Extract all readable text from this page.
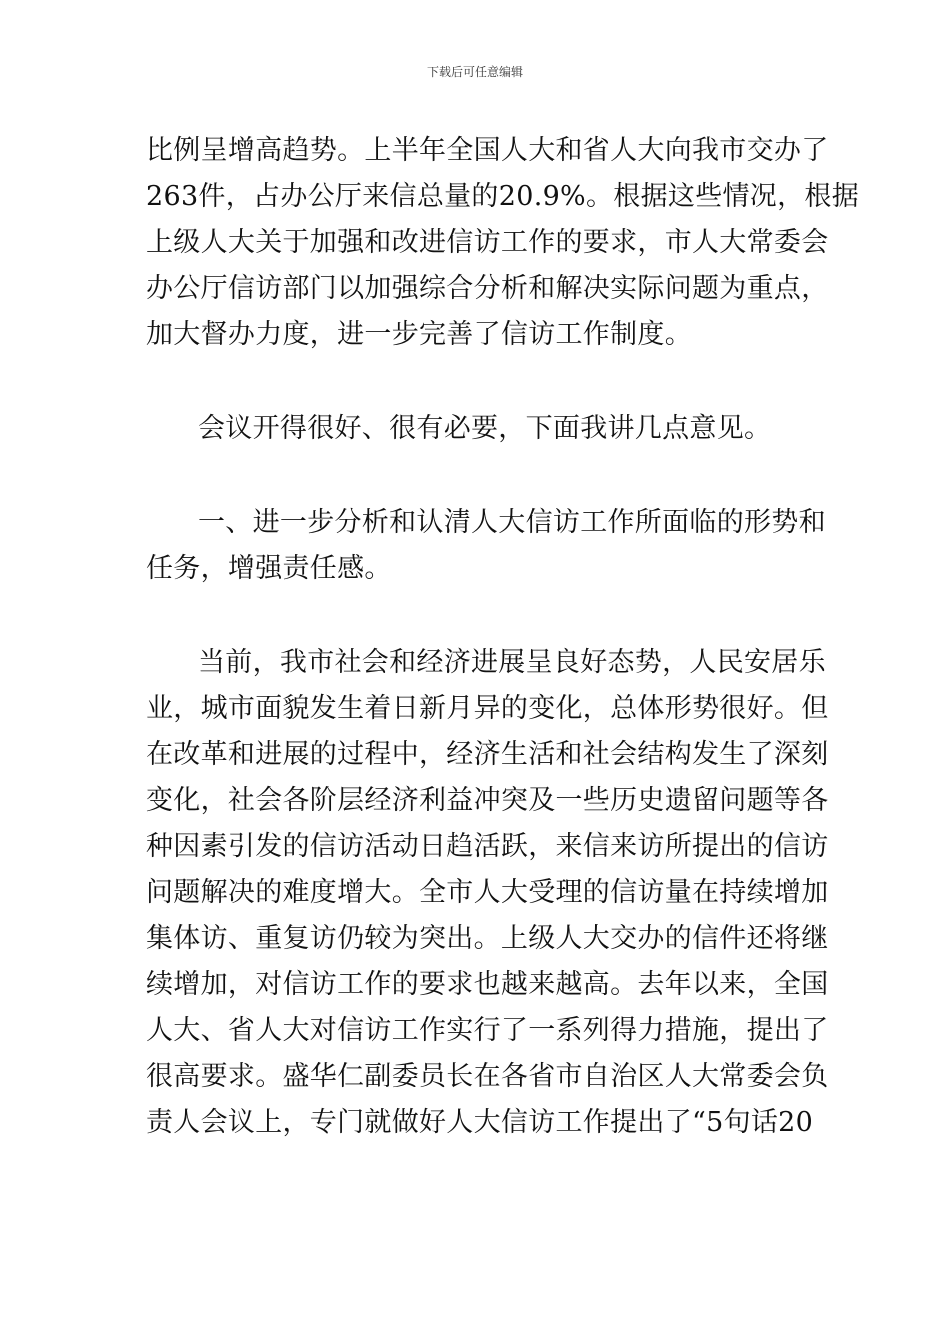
下载后可任意编辑
比例呈增高趋势。上半年全国人大和省人大向我市交办了
263件，占办公厅来信总量的20.9%。根据这些情况，根据
上级人大关于加强和改进信访工作的要求，市人大常委会
办公厅信访部门以加强综合分析和解决实际问题为重点，
加大督办力度，进一步完善了信访工作制度。
会议开得很好、很有必要，下面我讲几点意见。
一、进一步分析和认清人大信访工作所面临的形势和
任务，增强责任感。
当前，我市社会和经济进展呈良好态势，人民安居乐
业，城市面貌发生着日新月异的变化，总体形势很好。但
在改革和进展的过程中，经济生活和社会结构发生了深刻
变化，社会各阶层经济利益冲突及一些历史遗留问题等各
种因素引发的信访活动日趋活跃，来信来访所提出的信访
问题解决的难度增大。全市人大受理的信访量在持续增加
集体访、重复访仍较为突出。上级人大交办的信件还将继
续增加，对信访工作的要求也越来越高。去年以来，全国
人大、省人大对信访工作实行了一系列得力措施，提出了
很高要求。盛华仁副委员长在各省市自治区人大常委会负
责人会议上，专门就做好人大信访工作提出了“5句话20
